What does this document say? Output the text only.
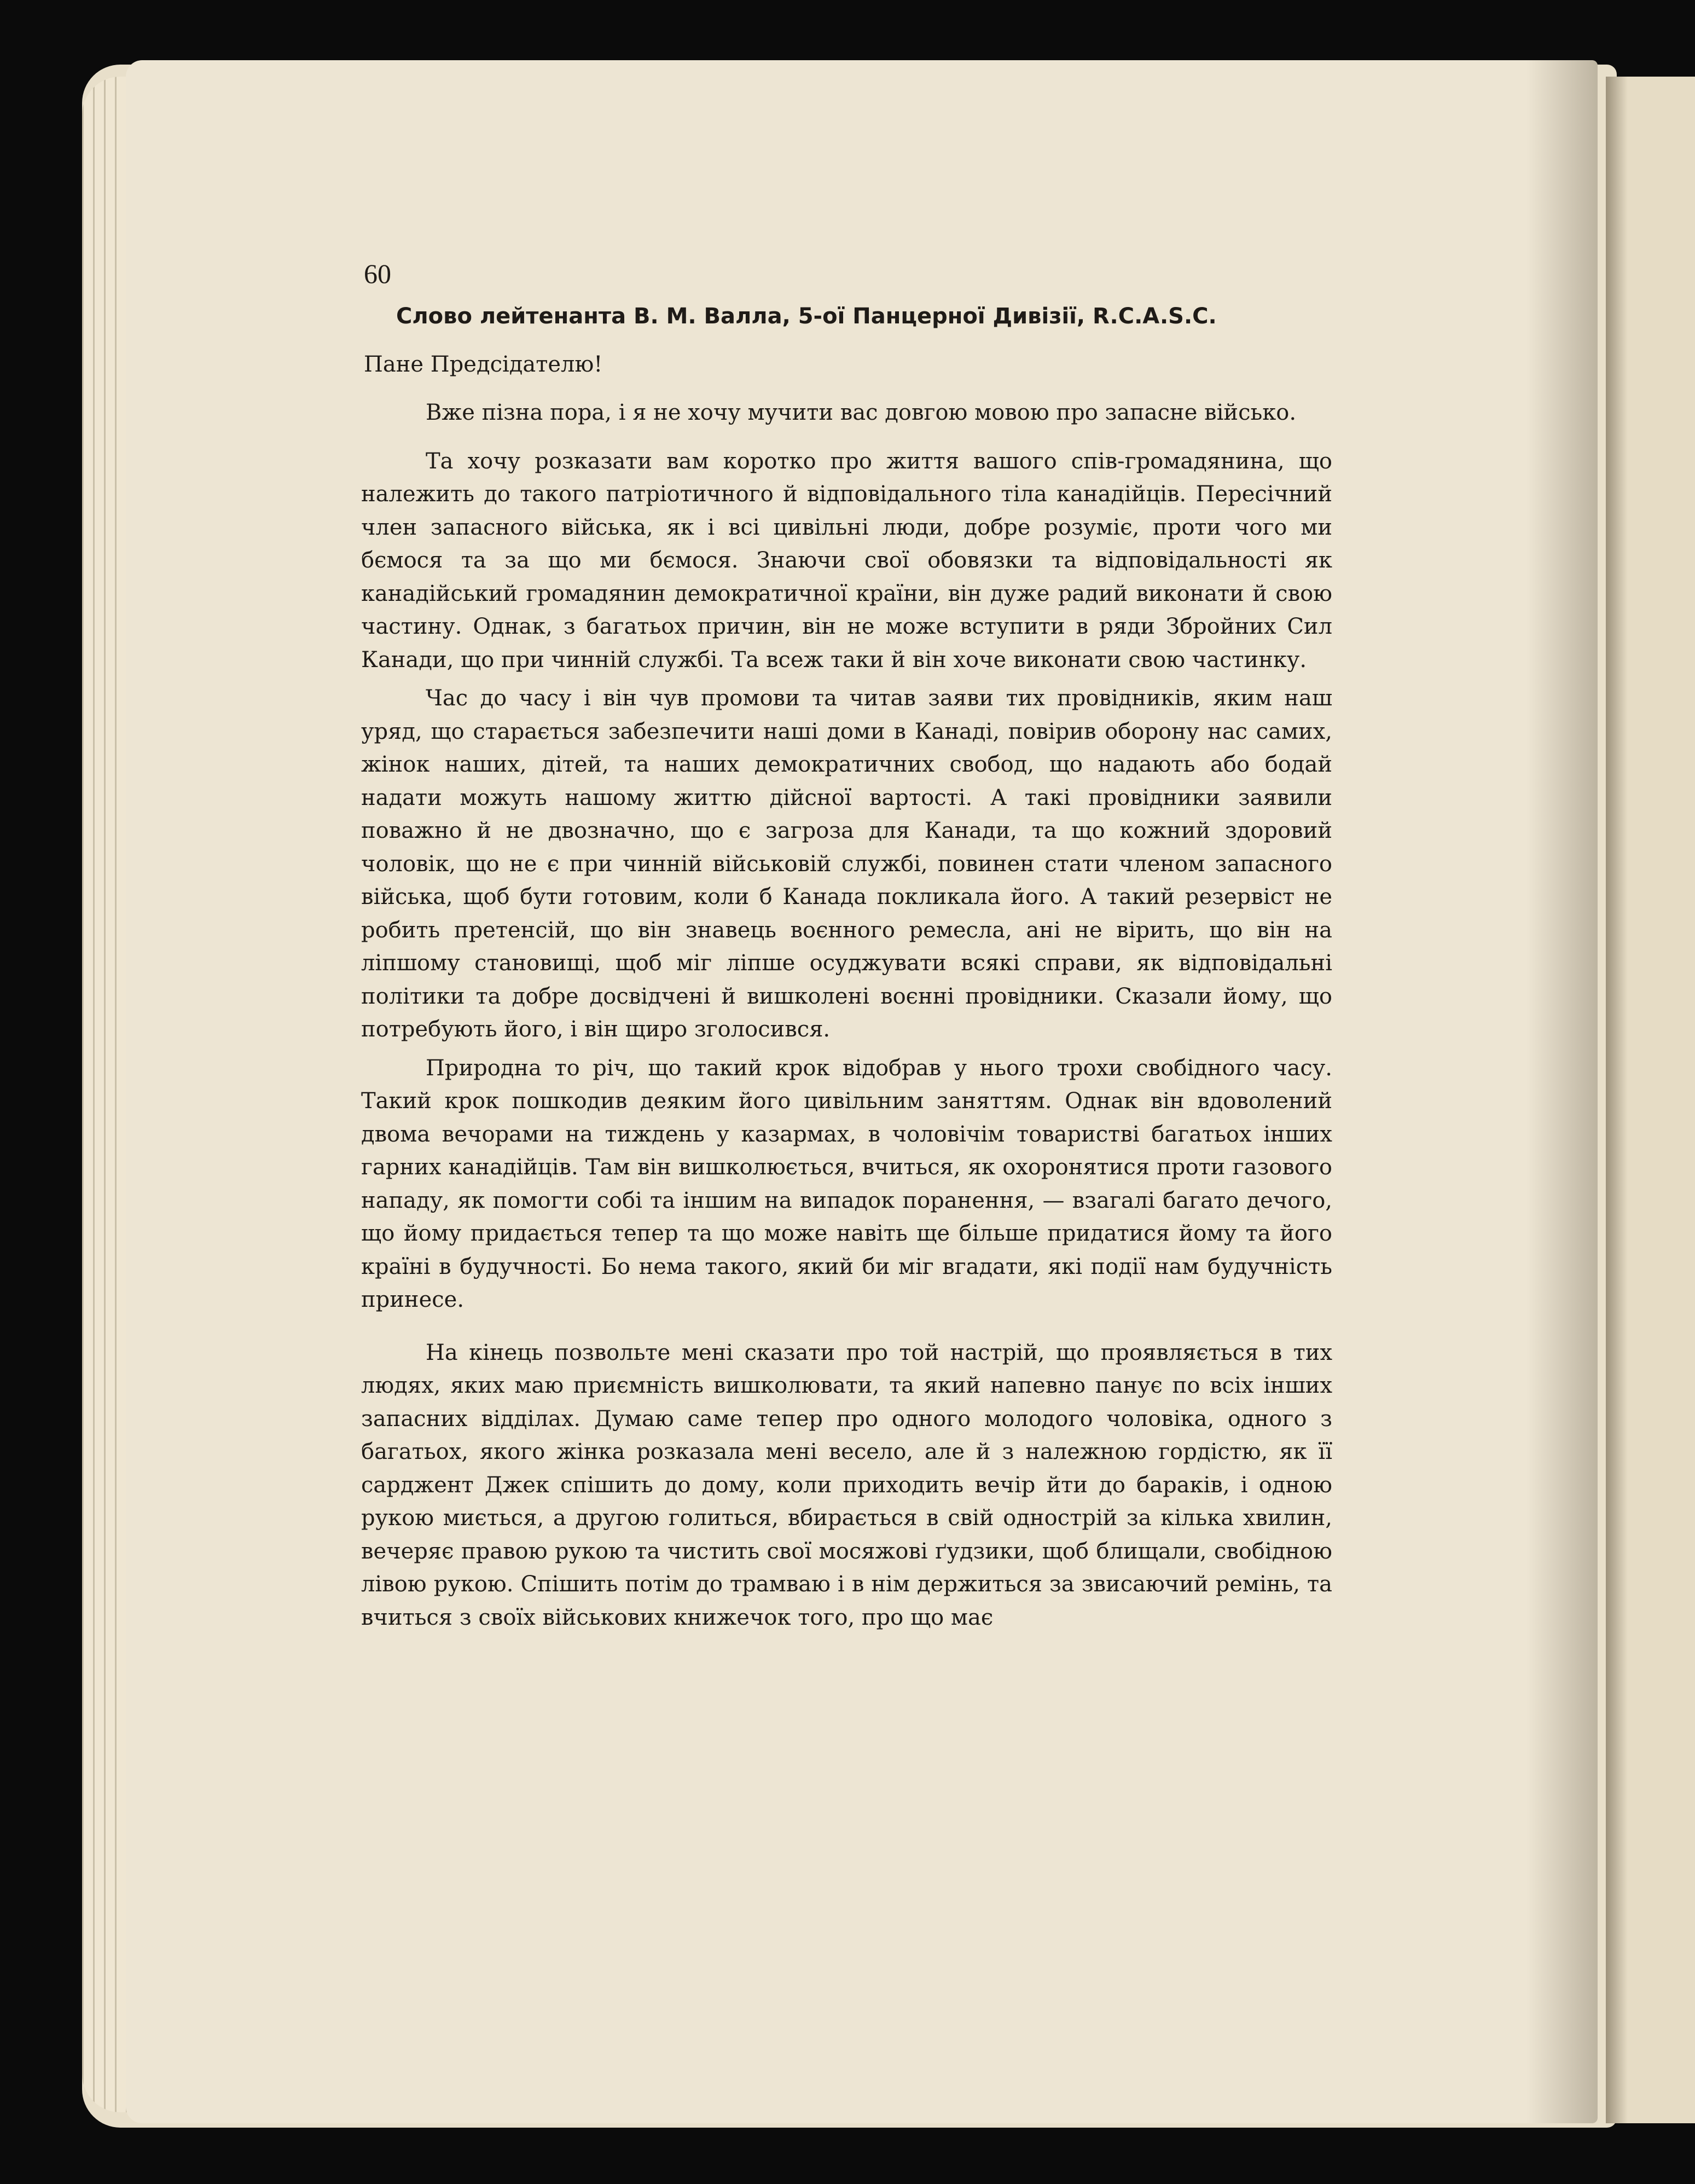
60
Слово лейтенанта В. М. Валла, 5-ої Панцерної Дивізії, R.C.A.S.C.
Пане Предсідателю!

Вже пізна пора, і я не хочу мучити вас довгою мовою про запасне військо.

Та хочу розказати вам коротко про життя вашого спів-громадянина, що належить до такого патріотичного й відповідального тіла канадійців. Пересічний член запасного війська, як і всі цивільні люди, добре розуміє, проти чого ми бємося та за що ми бємося. Знаючи свої обовязки та відповідальності як канадійський громадянин демократичної країни, він дуже радий виконати й свою частину. Однак, з багатьох причин, він не може вступити в ряди Збройних Сил Канади, що при чинній службі. Та всеж таки й він хоче виконати свою частинку.

Час до часу і він чув промови та читав заяви тих провідників, яким наш уряд, що старається забезпечити наші доми в Канаді, повірив оборону нас самих, жінок наших, дітей, та наших демократичних свобод, що надають або бодай надати можуть нашому життю дійсної вартості. А такі провідники заявили поважно й не двозначно, що є загроза для Канади, та що кожний здоровий чоловік, що не є при чинній військовій службі, повинен стати членом запасного війська, щоб бути готовим, коли б Канада покликала його. А такий резервіст не робить претенсій, що він знавець воєнного ремесла, ані не вірить, що він на ліпшому становищі, щоб міг ліпше осуджувати всякі справи, як відповідальні політики та добре досвідчені й вишколені воєнні провідники. Сказали йому, що потребують його, і він щиро зголосився.

Природна то річ, що такий крок відобрав у нього трохи свобідного часу. Такий крок пошкодив деяким його цивільним заняттям. Однак він вдоволений двома вечорами на тиждень у казармах, в чоловічім товаристві багатьох інших гарних канадійців. Там він вишколюється, вчиться, як охоронятися проти газового нападу, як помогти собі та іншим на випадок поранення, — взагалі багато дечого, що йому придається тепер та що може навіть ще більше придатися йому та його країні в будучності. Бо нема такого, який би міг вгадати, які події нам будучність принесе.

На кінець позвольте мені сказати про той настрій, що проявляється в тих людях, яких маю приємність вишколювати, та який напевно панує по всіх інших запасних відділах. Думаю саме тепер про одного молодого чоловіка, одного з багатьох, якого жінка розказала мені весело, але й з належною гордістю, як її сарджент Джек спішить до дому, коли приходить вечір йти до бараків, і одною рукою миється, а другою голиться, вбирається в свій однострій за кілька хвилин, вечеряє правою рукою та чистить свої мосяжові ґудзики, щоб блищали, свобідною лівою рукою. Спішить потім до трамваю і в нім держиться за звисаючий ремінь, та вчиться з своїх військових книжечок того, про що має
